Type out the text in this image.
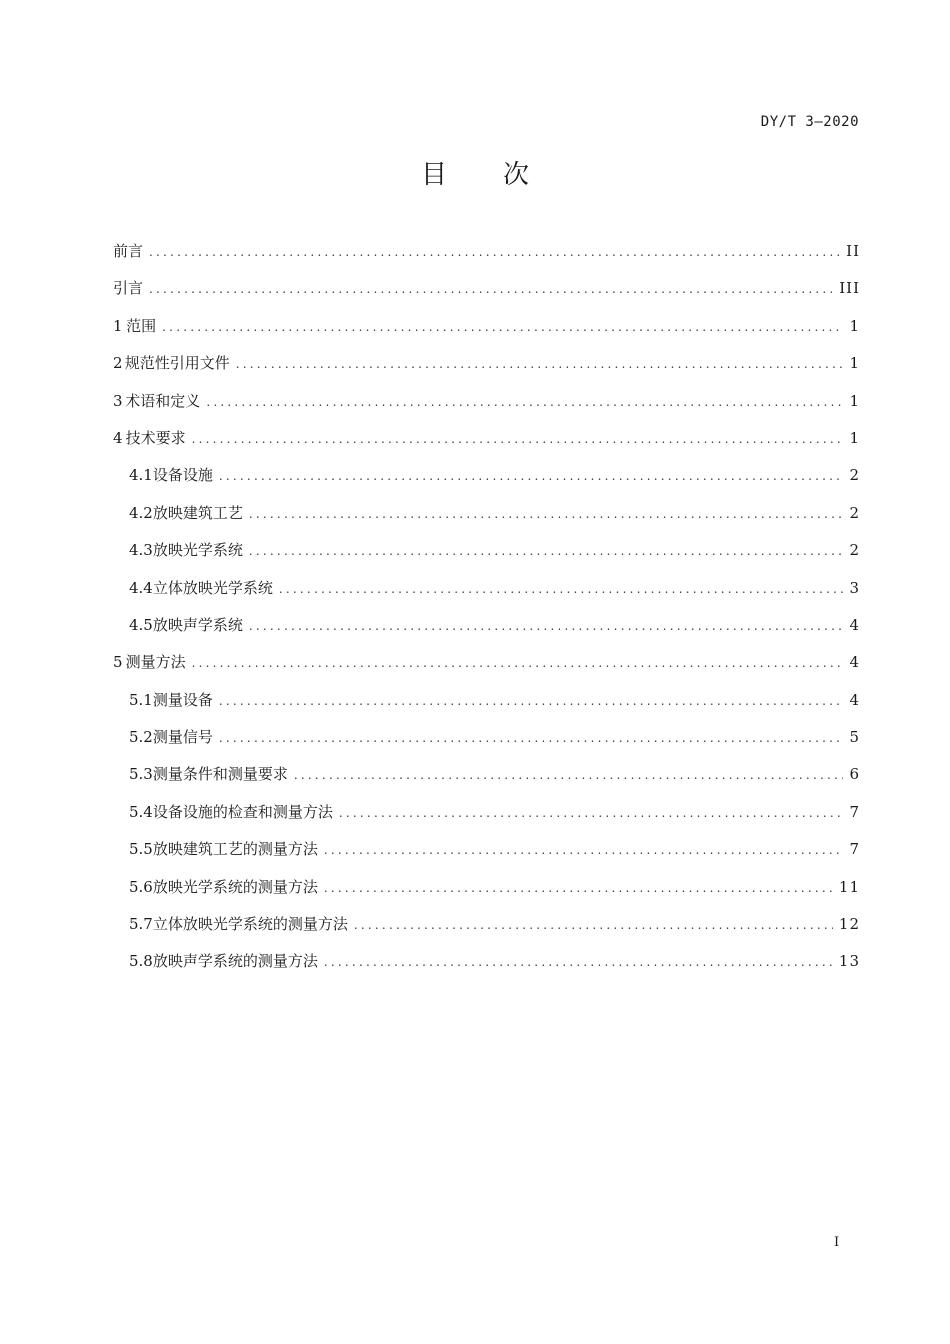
DY/T 3—2020
目 次
前言 .....	II
引言 .....	III
1 范围 .....	1
2 规范性引用文件 .....	1
3 术语和定义 .....	1
4 技术要求 .....	1
4.1 设备设施 .....	2
4.2 放映建筑工艺 .....	2
4.3 放映光学系统 .....	2
4.4 立体放映光学系统 .....	3
4.5 放映声学系统 .....	4
5 测量方法 .....	4
5.1 测量设备 .....	4
5.2 测量信号 .....	5
5.3 测量条件和测量要求 .....	6
5.4 设备设施的检查和测量方法 .....	7
5.5 放映建筑工艺的测量方法 .....	7
5.6 放映光学系统的测量方法 .....	11
5.7 立体放映光学系统的测量方法 .....	12
5.8 放映声学系统的测量方法 .....	13
I
